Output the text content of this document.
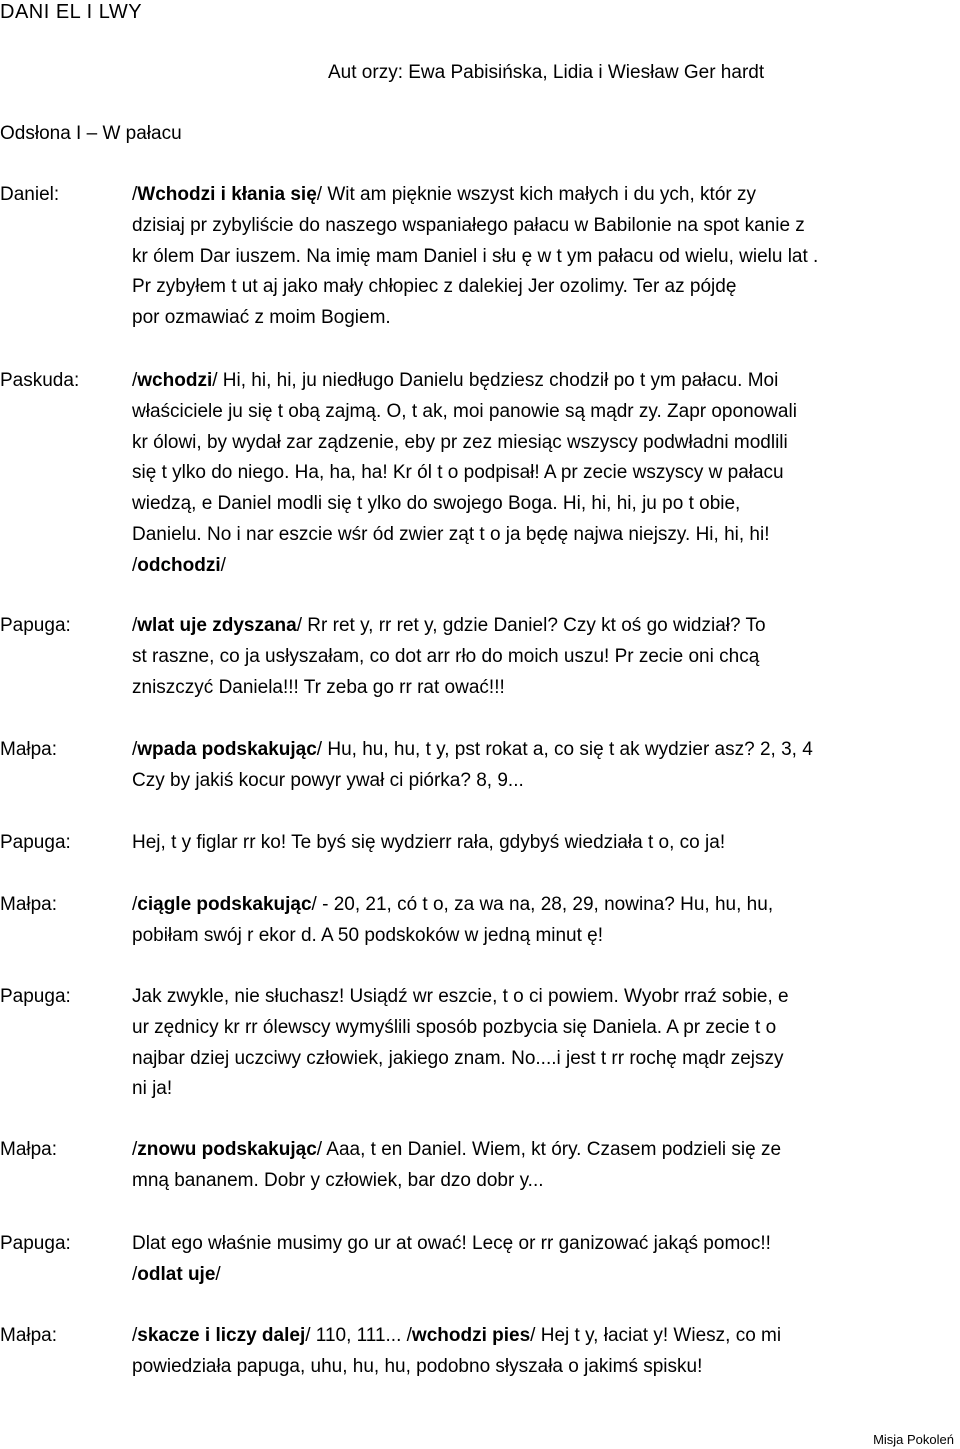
DANI EL I LWY
Aut orzy: Ewa Pabisińska, Lidia i Wiesław Ger hardt
Odsłona I – W pałacu
Daniel:	/Wchodzi i kłania się/ Wit am pięknie wszyst kich małych i du ych, któr zy
dzisiaj pr zybyliście do naszego wspaniałego pałacu w Babilonie na spot kanie z
kr ólem Dar iuszem. Na imię mam Daniel i słu ę w t ym pałacu od wielu, wielu lat .
Pr zybyłem t ut aj jako mały chłopiec z dalekiej Jer ozolimy. Ter az pójdę
por ozmawiać z moim Bogiem.
Paskuda:	/wchodzi/ Hi, hi, hi, ju niedługo Danielu będziesz chodził po t ym pałacu. Moi
właściciele ju się t obą zajmą. O, t ak, moi panowie są mądr zy. Zapr oponowali
kr ólowi, by wydał zar ządzenie, eby pr zez miesiąc wszyscy podwładni modlili
się t ylko do niego. Ha, ha, ha! Kr ól t o podpisał! A pr zecie wszyscy w pałacu
wiedzą, e Daniel modli się t ylko do swojego Boga. Hi, hi, hi, ju po t obie,
Danielu. No i nar eszcie wśr ód zwier ząt t o ja będę najwa niejszy. Hi, hi, hi!
/odchodzi/
Papuga:	/wlat uje zdyszana/ Rr ret y, rr ret y, gdzie Daniel? Czy kt oś go widział? To
st raszne, co ja usłyszałam, co dot arr rło do moich uszu! Pr zecie oni chcą
zniszczyć Daniela!!! Tr zeba go rr rat ować!!!
Małpa:	/wpada podskakując/ Hu, hu, hu, t y, pst rokat a, co się t ak wydzier asz? 2, 3, 4
Czy by jakiś kocur powyr ywał ci piórka? 8, 9...
Papuga:	Hej, t y figlar rr ko! Te byś się wydzierr rała, gdybyś wiedziała t o, co ja!
Małpa:	/ciągle podskakując/ - 20, 21, có t o, za wa na, 28, 29, nowina? Hu, hu, hu,
pobiłam swój r ekor d. A 50 podskoków w jedną minut ę!
Papuga:	Jak zwykle, nie słuchasz! Usiądź wr eszcie, t o ci powiem. Wyobr rraź sobie, e
ur zędnicy kr rr ólewscy wymyślili sposób pozbycia się Daniela. A pr zecie t o
najbar dziej uczciwy człowiek, jakiego znam. No....i jest t rr rochę mądr zejszy
ni ja!
Małpa:	/znowu podskakując/ Aaa, t en Daniel. Wiem, kt óry. Czasem podzieli się ze
mną bananem. Dobr y człowiek, bar dzo dobr y...
Papuga:	Dlat ego właśnie musimy go ur at ować! Lecę or rr ganizować jakąś pomoc!!
/odlat uje/
Małpa:	/skacze i liczy dalej/ 110, 111... /wchodzi pies/ Hej t y, łaciat y! Wiesz, co mi
powiedziała papuga, uhu, hu, hu, podobno słyszała o jakimś spisku!
Misja Pokoleń
